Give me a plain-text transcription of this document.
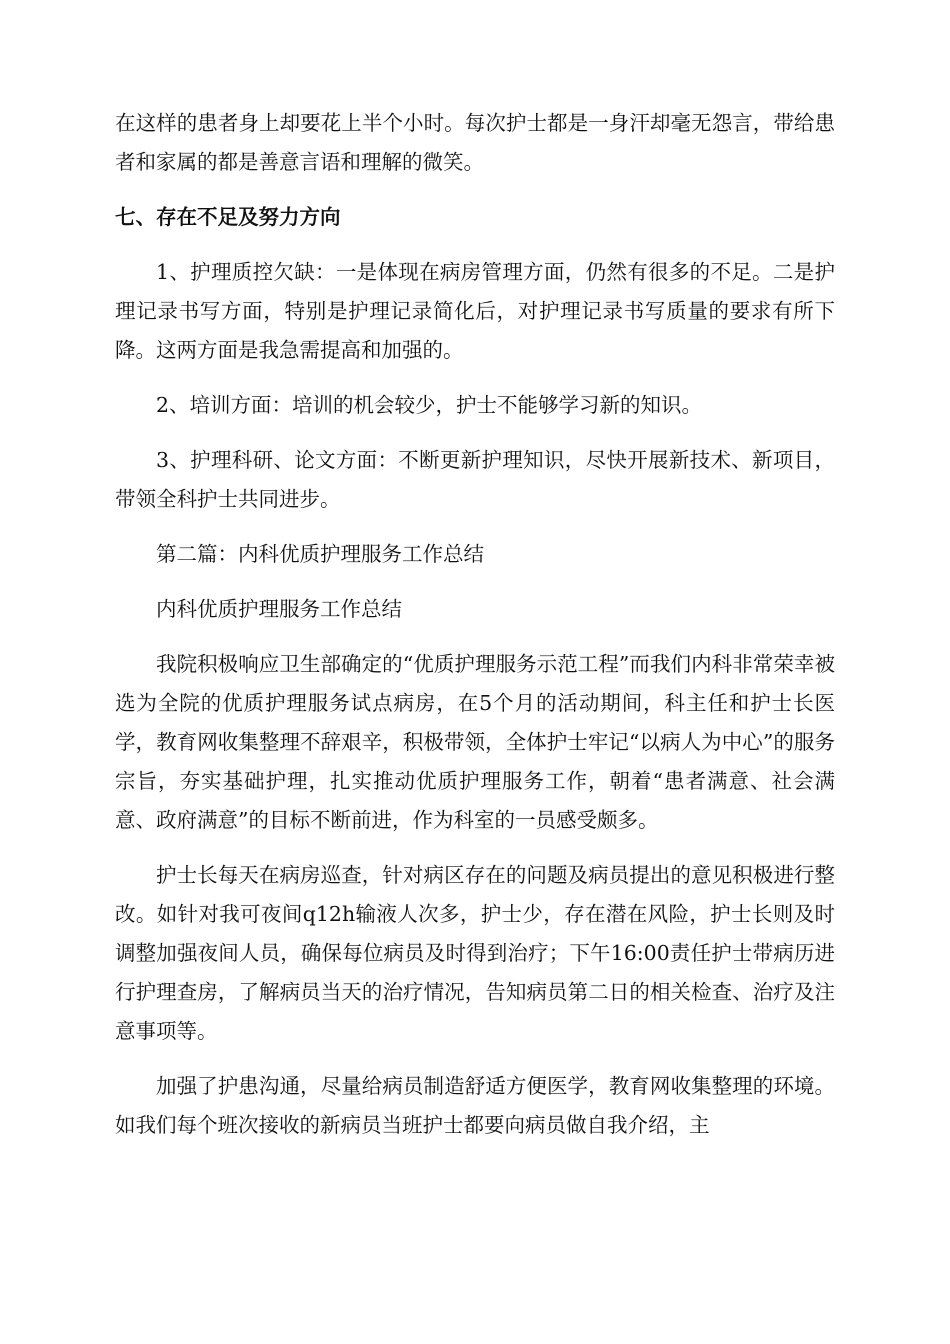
在这样的患者身上却要花上半个小时。每次护士都是一身汗却毫无怨言，带给患者和家属的都是善意言语和理解的微笑。

七、存在不足及努力方向

1、护理质控欠缺：一是体现在病房管理方面，仍然有很多的不足。二是护理记录书写方面，特别是护理记录简化后，对护理记录书写质量的要求有所下降。这两方面是我急需提高和加强的。

2、培训方面：培训的机会较少，护士不能够学习新的知识。

3、护理科研、论文方面：不断更新护理知识，尽快开展新技术、新项目，带领全科护士共同进步。

第二篇：内科优质护理服务工作总结

内科优质护理服务工作总结

我院积极响应卫生部确定的“优质护理服务示范工程”而我们内科非常荣幸被选为全院的优质护理服务试点病房，在5个月的活动期间，科主任和护士长医学，教育网收集整理不辞艰辛，积极带领，全体护士牢记“以病人为中心”的服务宗旨，夯实基础护理，扎实推动优质护理服务工作，朝着“患者满意、社会满意、政府满意”的目标不断前进，作为科室的一员感受颇多。

护士长每天在病房巡查，针对病区存在的问题及病员提出的意见积极进行整改。如针对我可夜间q12h输液人次多，护士少，存在潜在风险，护士长则及时调整加强夜间人员，确保每位病员及时得到治疗；下午16:00责任护士带病历进行护理查房，了解病员当天的治疗情况，告知病员第二日的相关检查、治疗及注意事项等。

加强了护患沟通，尽量给病员制造舒适方便医学，教育网收集整理的环境。如我们每个班次接收的新病员当班护士都要向病员做自我介绍，主
